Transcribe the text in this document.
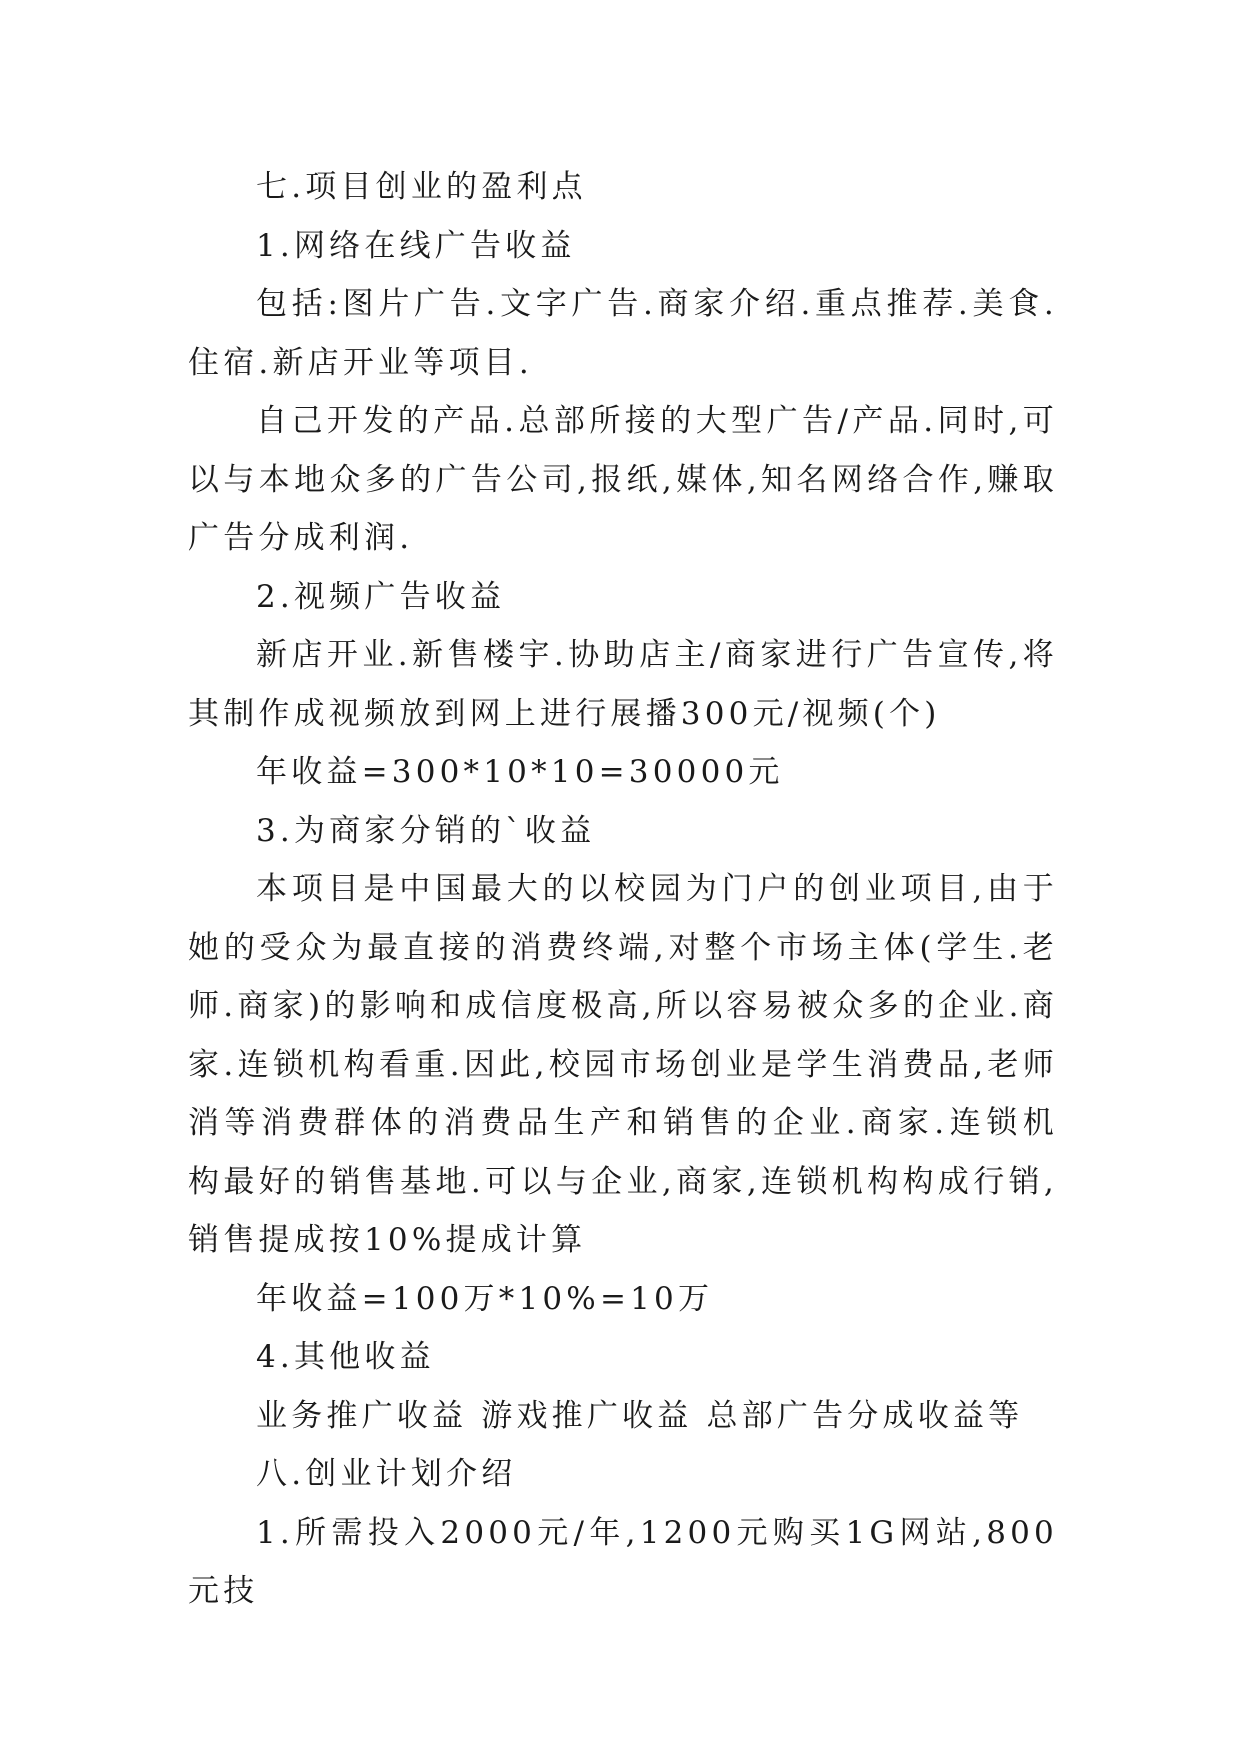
七.项目创业的盈利点

1.网络在线广告收益

包括:图片广告.文字广告.商家介绍.重点推荐.美食.住宿.新店开业等项目.

自己开发的产品.总部所接的大型广告/产品.同时,可以与本地众多的广告公司,报纸,媒体,知名网络合作,赚取广告分成利润.

2.视频广告收益

新店开业.新售楼宇.协助店主/商家进行广告宣传,将其制作成视频放到网上进行展播300元/视频(个)

年收益=300*10*10=30000元

3.为商家分销的`收益

本项目是中国最大的以校园为门户的创业项目,由于她的受众为最直接的消费终端,对整个市场主体(学生.老师.商家)的影响和成信度极高,所以容易被众多的企业.商家.连锁机构看重.因此,校园市场创业是学生消费品,老师消等消费群体的消费品生产和销售的企业.商家.连锁机构最好的销售基地.可以与企业,商家,连锁机构构成行销,销售提成按10%提成计算

年收益=100万*10%=10万

4.其他收益

业务推广收益 游戏推广收益 总部广告分成收益等

八.创业计划介绍

1.所需投入2000元/年,1200元购买1G网站,800元技
